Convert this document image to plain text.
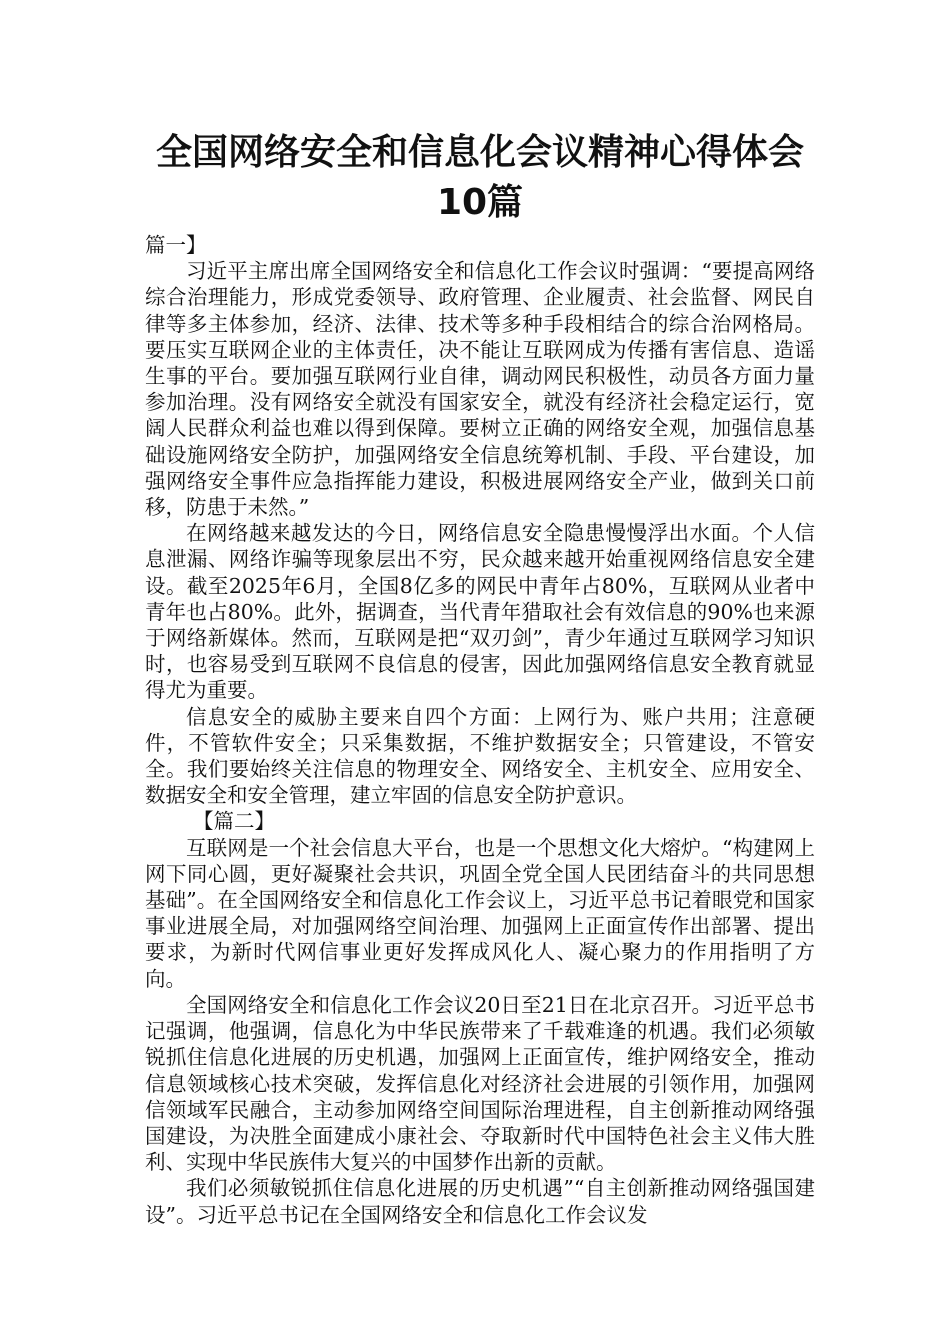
全国网络安全和信息化会议精神心得体会
10篇

篇一】

习近平主席出席全国网络安全和信息化工作会议时强调：“要提高网络综合治理能力，形成党委领导、政府管理、企业履责、社会监督、网民自律等多主体参加，经济、法律、技术等多种手段相结合的综合治网格局。要压实互联网企业的主体责任，决不能让互联网成为传播有害信息、造谣生事的平台。要加强互联网行业自律，调动网民积极性，动员各方面力量参加治理。没有网络安全就没有国家安全，就没有经济社会稳定运行，宽阔人民群众利益也难以得到保障。要树立正确的网络安全观，加强信息基础设施网络安全防护，加强网络安全信息统筹机制、手段、平台建设，加强网络安全事件应急指挥能力建设，积极进展网络安全产业，做到关口前移，防患于未然。”

在网络越来越发达的今日，网络信息安全隐患慢慢浮出水面。个人信息泄漏、网络诈骗等现象层出不穷，民众越来越开始重视网络信息安全建设。截至2025年6月，全国8亿多的网民中青年占80%，互联网从业者中青年也占80%。此外，据调查，当代青年猎取社会有效信息的90%也来源于网络新媒体。然而，互联网是把“双刃剑”，青少年通过互联网学习知识时，也容易受到互联网不良信息的侵害，因此加强网络信息安全教育就显得尤为重要。

信息安全的威胁主要来自四个方面：上网行为、账户共用；注意硬件，不管软件安全；只采集数据，不维护数据安全；只管建设，不管安全。我们要始终关注信息的物理安全、网络安全、主机安全、应用安全、数据安全和安全管理，建立牢固的信息安全防护意识。

【篇二】

互联网是一个社会信息大平台，也是一个思想文化大熔炉。“构建网上网下同心圆，更好凝聚社会共识，巩固全党全国人民团结奋斗的共同思想基础”。在全国网络安全和信息化工作会议上，习近平总书记着眼党和国家事业进展全局，对加强网络空间治理、加强网上正面宣传作出部署、提出要求，为新时代网信事业更好发挥成风化人、凝心聚力的作用指明了方向。

全国网络安全和信息化工作会议20日至21日在北京召开。习近平总书记强调，他强调，信息化为中华民族带来了千载难逢的机遇。我们必须敏锐抓住信息化进展的历史机遇，加强网上正面宣传，维护网络安全，推动信息领域核心技术突破，发挥信息化对经济社会进展的引领作用，加强网信领域军民融合，主动参加网络空间国际治理进程，自主创新推动网络强国建设，为决胜全面建成小康社会、夺取新时代中国特色社会主义伟大胜利、实现中华民族伟大复兴的中国梦作出新的贡献。

我们必须敏锐抓住信息化进展的历史机遇”“自主创新推动网络强国建设”。习近平总书记在全国网络安全和信息化工作会议发
